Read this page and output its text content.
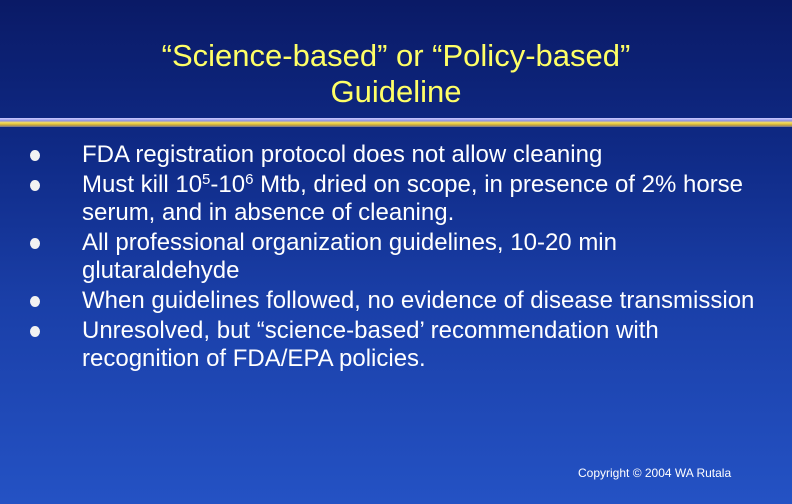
“Science-based” or “Policy-based”
Guideline
FDA registration protocol does not allow cleaning
Must kill $10^5-10^6$ Mtb, dried on scope, in presence of 2% horse serum, and in absence of cleaning.
All professional organization guidelines, 10-20 min glutaraldehyde
When guidelines followed, no evidence of disease transmission
Unresolved, but “science-based’ recommendation with recognition of FDA/EPA policies.
Copyright © 2004 WA Rutala
